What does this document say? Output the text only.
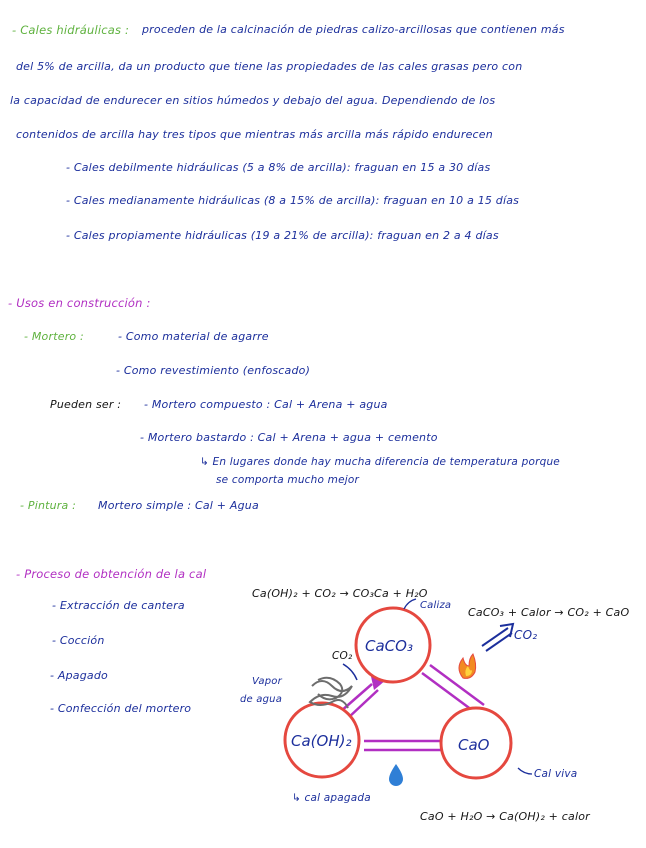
- Cales hidráulicas : proceden de la calcinación de piedras calizo-arcillosas que contienen más
del 5% de arcilla, da un producto que tiene las propiedades de las cales grasas pero con
la capacidad de endurecer en sitios húmedos y debajo del agua. Dependiendo de los
contenidos de arcilla hay tres tipos que mientras más arcilla más rápido endurecen
- Cales debilmente hidráulicas (5 a 8% de arcilla): fraguan en 15 a 30 días
- Cales medianamente hidráulicas (8 a 15% de arcilla): fraguan en 10 a 15 días
- Cales propiamente hidráulicas (19 a 21% de arcilla): fraguan en 2 a 4 días
- Usos en construcción :
- Mortero :	- Como material de agarre
- Como revestimiento (enfoscado)
Pueden ser : - Mortero compuesto : Cal + Arena + agua
- Mortero bastardo : Cal + Arena + agua + cemento
↳ En lugares donde hay mucha diferencia de temperatura porque
se comporta mucho mejor
- Pintura : Mortero simple : Cal + Agua
- Proceso de obtención de la cal
- Extracción de cantera
- Cocción
- Apagado
- Confección del mortero
CaCO₃
Ca(OH)₂	CaO
Ca(OH)₂ + CO₂ → CO₃Ca + H₂O
Caliza
CaCO₃ + Calor → CO₂ + CaO
CO₂
CO₂
Vapor
de agua
Cal viva
↳ cal apagada
CaO + H₂O → Ca(OH)₂ + calor
